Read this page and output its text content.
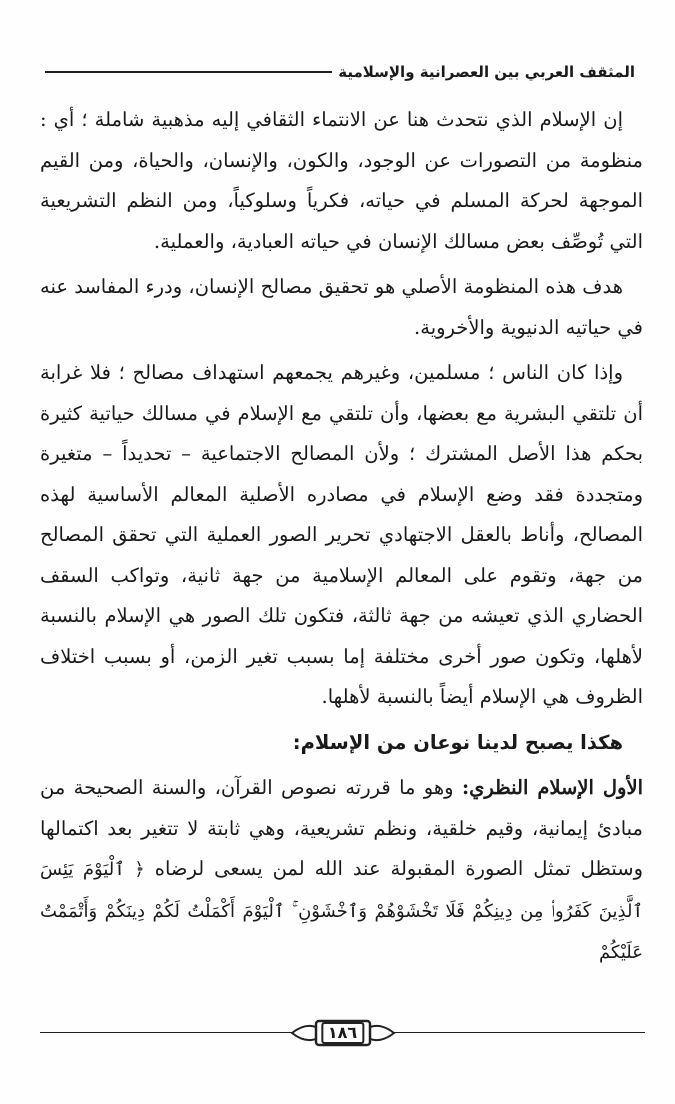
المثقف العربي بين العصرانية والإسلامية

إن الإسلام الذي نتحدث هنا عن الانتماء الثقافي إليه مذهبية شاملة ؛ أي : منظومة من التصورات عن الوجود، والكون، والإنسان، والحياة، ومن القيم الموجهة لحركة المسلم في حياته، فكرياً وسلوكياً، ومن النظم التشريعية التي تُوصِّف بعض مسالك الإنسان في حياته العبادية، والعملية.

هدف هذه المنظومة الأصلي هو تحقيق مصالح الإنسان، ودرء المفاسد عنه في حياتيه الدنيوية والأخروية.

وإذا كان الناس ؛ مسلمين، وغيرهم يجمعهم استهداف مصالح ؛ فلا غرابة أن تلتقي البشرية مع بعضها، وأن تلتقي مع الإسلام في مسالك حياتية كثيرة بحكم هذا الأصل المشترك ؛ ولأن المصالح الاجتماعية – تحديداً – متغيرة ومتجددة فقد وضع الإسلام في مصادره الأصلية المعالم الأساسية لهذه المصالح، وأناط بالعقل الاجتهادي تحرير الصور العملية التي تحقق المصالح من جهة، وتقوم على المعالم الإسلامية من جهة ثانية، وتواكب السقف الحضاري الذي تعيشه من جهة ثالثة، فتكون تلك الصور هي الإسلام بالنسبة لأهلها، وتكون صور أخرى مختلفة إما بسبب تغير الزمن، أو بسبب اختلاف الظروف هي الإسلام أيضاً بالنسبة لأهلها.

هكذا يصبح لدينا نوعان من الإسلام:

الأول الإسلام النظري: وهو ما قررته نصوص القرآن، والسنة الصحيحة من مبادئ إيمانية، وقيم خلقية، ونظم تشريعية، وهي ثابتة لا تتغير بعد اكتمالها وستظل تمثل الصورة المقبولة عند الله لمن يسعى لرضاه ﴿ ٱلْيَوْمَ يَئِسَ ٱلَّذِينَ كَفَرُوا۟ مِن دِينِكُمْ فَلَا تَخْشَوْهُمْ وَٱخْشَوْنِ ۚ ٱلْيَوْمَ أَكْمَلْتُ لَكُمْ دِينَكُمْ وَأَتْمَمْتُ عَلَيْكُمْ

١٨٦
